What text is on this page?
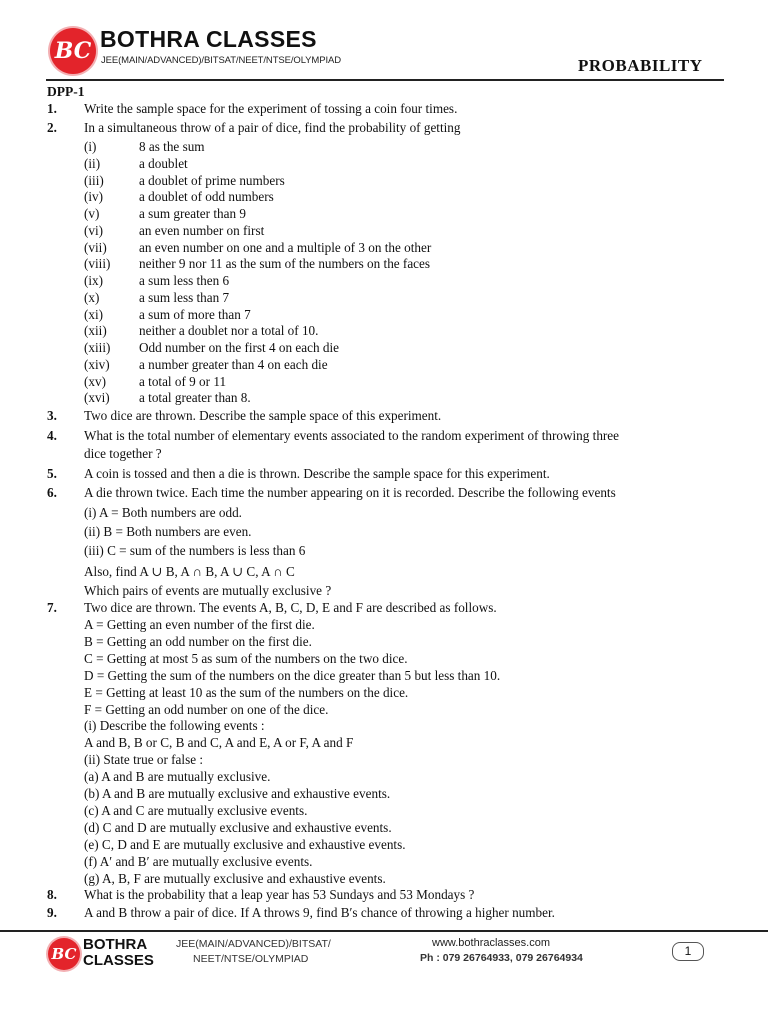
BC BOTHRA CLASSES
JEE(MAIN/ADVANCED)/BITSAT/NEET/NTSE/OLYMPIAD	PROBABILITY
DPP-1
1. Write the sample space for the experiment of tossing a coin four times.
2. In a simultaneous throw of a pair of dice, find the probability of getting
(i)	8 as the sum
(ii)	a doublet
(iii)	a doublet of prime numbers
(iv)	a doublet of odd numbers
(v)	a sum greater than 9
(vi)	an even number on first
(vii) an even number on one and a multiple of 3 on the other
(viii) neither 9 nor 11 as the sum of the numbers on the faces
(ix)	a sum less then 6
(x)	a sum less than 7
(xi)	a sum of more than 7
(xii) neither a doublet nor a total of 10.
(xiii) Odd number on the first 4 on each die
(xiv) a number greater than 4 on each die
(xv)	a total of 9 or 11
(xvi) a total greater than 8.
3. Two dice are thrown. Describe the sample space of this experiment.
4. What is the total number of elementary events associated to the random experiment of throwing three
dice together ?
5. A coin is tossed and then a die is thrown. Describe the sample space for this experiment.
6. A die thrown twice. Each time the number appearing on it is recorded. Describe the following events
(i) A = Both numbers are odd.
(ii) B = Both numbers are even.
(iii) C = sum of the numbers is less than 6
Also, find A ∪ B, A ∩ B, A ∪ C, A ∩ C
Which pairs of events are mutually exclusive ?
7. Two dice are thrown. The events A, B, C, D, E and F are described as follows.
A = Getting an even number of the first die.
B = Getting an odd number on the first die.
C = Getting at most 5 as sum of the numbers on the two dice.
D = Getting the sum of the numbers on the dice greater than 5 but less than 10.
E = Getting at least 10 as the sum of the numbers on the dice.
F = Getting an odd number on one of the dice.
(i) Describe the following events :
A and B, B or C, B and C, A and E, A or F, A and F
(ii) State true or false :
(a) A and B are mutually exclusive.
(b) A and B are mutually exclusive and exhaustive events.
(c) A and C are mutually exclusive events.
(d) C and D are mutually exclusive and exhaustive events.
(e) C, D and E are mutually exclusive and exhaustive events.
(f) A′ and B′ are mutually exclusive events.
(g) A, B, F are mutually exclusive and exhaustive events.
8. What is the probability that a leap year has 53 Sundays and 53 Mondays ?
9. A and B throw a pair of dice. If A throws 9, find B′s chance of throwing a higher number.
BC
BOTHRA
CLASSES
JEE(MAIN/ADVANCED)/BITSAT/
NEET/NTSE/OLYMPIAD
www.bothraclasses.com
Ph : 079 26764933, 079 26764934	1
